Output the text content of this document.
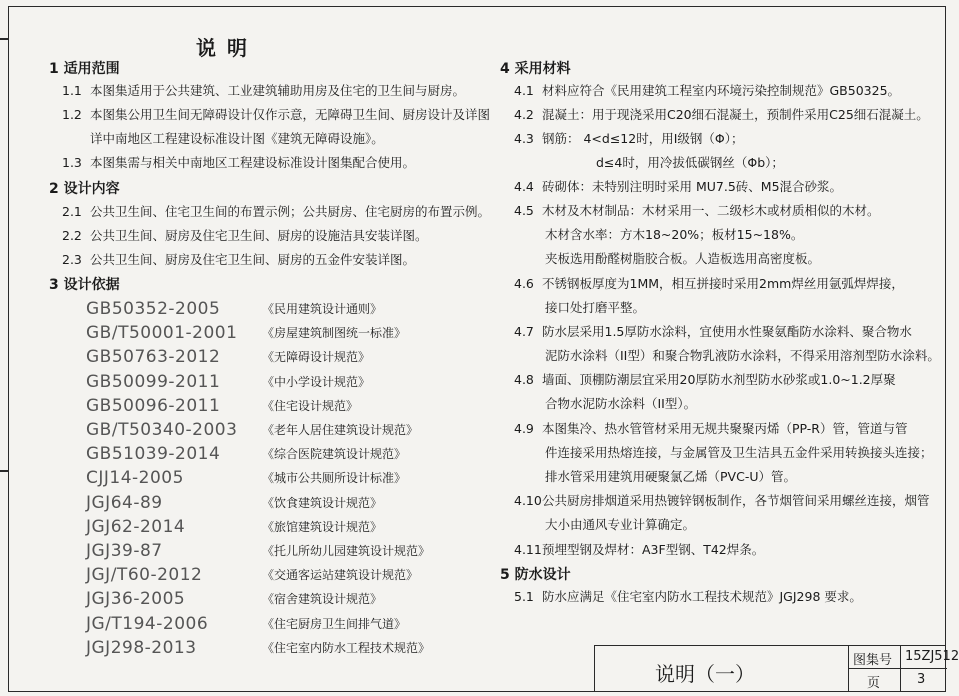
说 明
1 适用范围
1.1 本图集适用于公共建筑、工业建筑辅助用房及住宅的卫生间与厨房。
1.2 本图集公用卫生间无障碍设计仅作示意，无障碍卫生间、厨房设计及详图
详中南地区工程建设标准设计图《建筑无障碍设施》。
1.3 本图集需与相关中南地区工程建设标准设计图集配合使用。
2 设计内容
2.1 公共卫生间、住宅卫生间的布置示例；公共厨房、住宅厨房的布置示例。
2.2 公共卫生间、厨房及住宅卫生间、厨房的设施洁具安装详图。
2.3 公共卫生间、厨房及住宅卫生间、厨房的五金件安装详图。
3 设计依据
GB50352-2005	《民用建筑设计通则》
GB/T50001-2001 《房屋建筑制图统一标准》
GB50763-2012	《无障碍设计规范》
GB50099-2011	《中小学设计规范》
GB50096-2011	《住宅设计规范》
GB/T50340-2003 《老年人居住建筑设计规范》
GB51039-2014	《综合医院建筑设计规范》
CJJ14-2005	《城市公共厕所设计标准》
JGJ64-89	《饮食建筑设计规范》
JGJ62-2014	《旅馆建筑设计规范》
JGJ39-87	《托儿所幼儿园建筑设计规范》
JGJ/T60-2012	《交通客运站建筑设计规范》
JGJ36-2005	《宿舍建筑设计规范》
JG/T194-2006	《住宅厨房卫生间排气道》
JGJ298-2013	《住宅室内防水工程技术规范》
4 采用材料
4.1 材料应符合《民用建筑工程室内环境污染控制规范》GB50325。
4.2 混凝土：用于现浇采用C20细石混凝土，预制件采用C25细石混凝土。
4.3 钢筋： 4<d≤12时，用I级钢（Φ）；
d≤4时，用冷拔低碳钢丝（Φb）；
4.4 砖砌体：未特别注明时采用 MU7.5砖、M5混合砂浆。
4.5 木材及木材制品：木材采用一、二级杉木或材质相似的木材。
木材含水率：方木18~20%；板材15~18%。
夹板选用酚醛树脂胶合板。人造板选用高密度板。
4.6 不锈钢板厚度为1MM，相互拼接时采用2mm焊丝用氩弧焊焊接，
接口处打磨平整。
4.7 防水层采用1.5厚防水涂料，宜使用水性聚氨酯防水涂料、聚合物水
泥防水涂料（II型）和聚合物乳液防水涂料，不得采用溶剂型防水涂料。
4.8 墙面、顶棚防潮层宜采用20厚防水剂型防水砂浆或1.0~1.2厚聚
合物水泥防水涂料（II型）。
4.9 本图集冷、热水管管材采用无规共聚聚丙烯（PP-R）管，管道与管
件连接采用热熔连接，与金属管及卫生洁具五金件采用转换接头连接；
排水管采用建筑用硬聚氯乙烯（PVC-U）管。
4.10公共厨房排烟道采用热镀锌钢板制作，各节烟管间采用螺丝连接，烟管
大小由通风专业计算确定。
4.11预埋型钢及焊材：A3F型钢、T42焊条。
5 防水设计
5.1 防水应满足《住宅室内防水工程技术规范》JGJ298 要求。
说明（一）
图集号 15ZJ512
页	3
